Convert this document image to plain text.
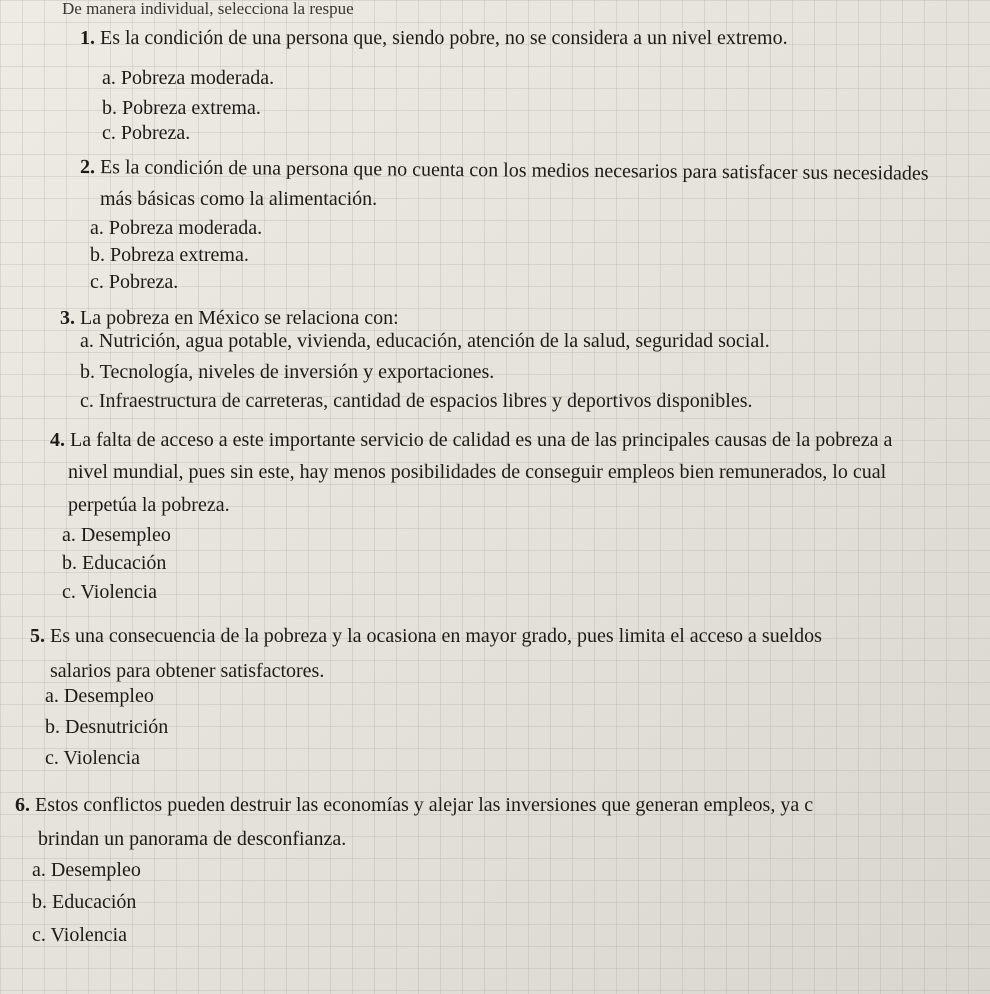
De manera individual, selecciona la respue
1. Es la condición de una persona que, siendo pobre, no se considera a un nivel extremo.
a. Pobreza moderada.
b. Pobreza extrema.
c. Pobreza.
2. Es la condición de una persona que no cuenta con los medios necesarios para satisfacer sus necesidades
más básicas como la alimentación.
a. Pobreza moderada.
b. Pobreza extrema.
c. Pobreza.
3. La pobreza en México se relaciona con:
a. Nutrición, agua potable, vivienda, educación, atención de la salud, seguridad social.
b. Tecnología, niveles de inversión y exportaciones.
c. Infraestructura de carreteras, cantidad de espacios libres y deportivos disponibles.
4. La falta de acceso a este importante servicio de calidad es una de las principales causas de la pobreza a
nivel mundial, pues sin este, hay menos posibilidades de conseguir empleos bien remunerados, lo cual
perpetúa la pobreza.
a. Desempleo
b. Educación
c. Violencia
5. Es una consecuencia de la pobreza y la ocasiona en mayor grado, pues limita el acceso a sueldos
salarios para obtener satisfactores.
a. Desempleo
b. Desnutrición
c. Violencia
6. Estos conflictos pueden destruir las economías y alejar las inversiones que generan empleos, ya c
brindan un panorama de desconfianza.
a. Desempleo
b. Educación
c. Violencia
